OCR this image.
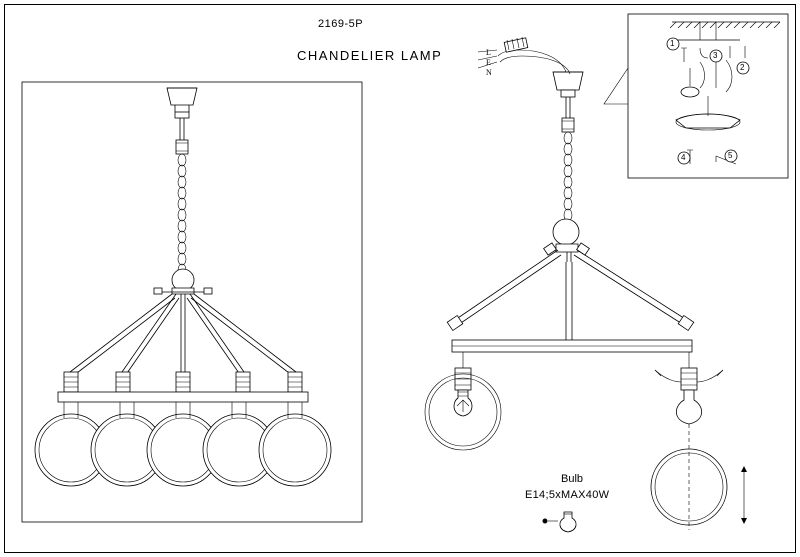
2169-5P
CHANDELIER LAMP
Bulb
E14;5xMAX40W
L
E
N
1
2
3
4	5
